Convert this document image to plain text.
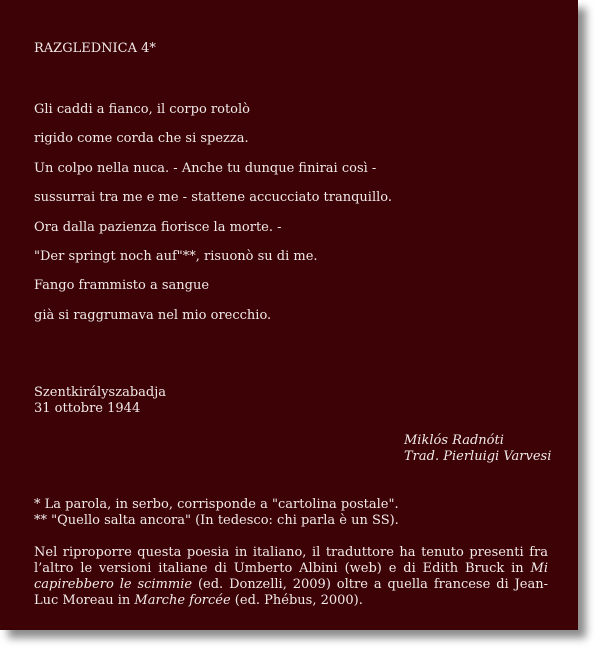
RAZGLEDNICA 4*
Gli caddi a fianco, il corpo rotolò
rigido come corda che si spezza.
Un colpo nella nuca. - Anche tu dunque finirai così -
sussurrai tra me e me - stattene accucciato tranquillo.
Ora dalla pazienza fiorisce la morte. -
"Der springt noch auf"**, risuonò su di me.
Fango frammisto a sangue
già si raggrumava nel mio orecchio.
Szentkirályszabadja
31 ottobre 1944
Miklós Radnóti
Trad. Pierluigi Varvesi
* La parola, in serbo, corrisponde a "cartolina postale".
** "Quello salta ancora" (In tedesco: chi parla è un SS).
Nel riproporre questa poesia in italiano, il traduttore ha tenuto presenti fra l’altro le versioni italiane di Umberto Albini (web) e di Edith Bruck in Mi capirebbero le scimmie (ed. Donzelli, 2009) oltre a quella francese di Jean-Luc Moreau in Marche forcée (ed. Phébus, 2000).
